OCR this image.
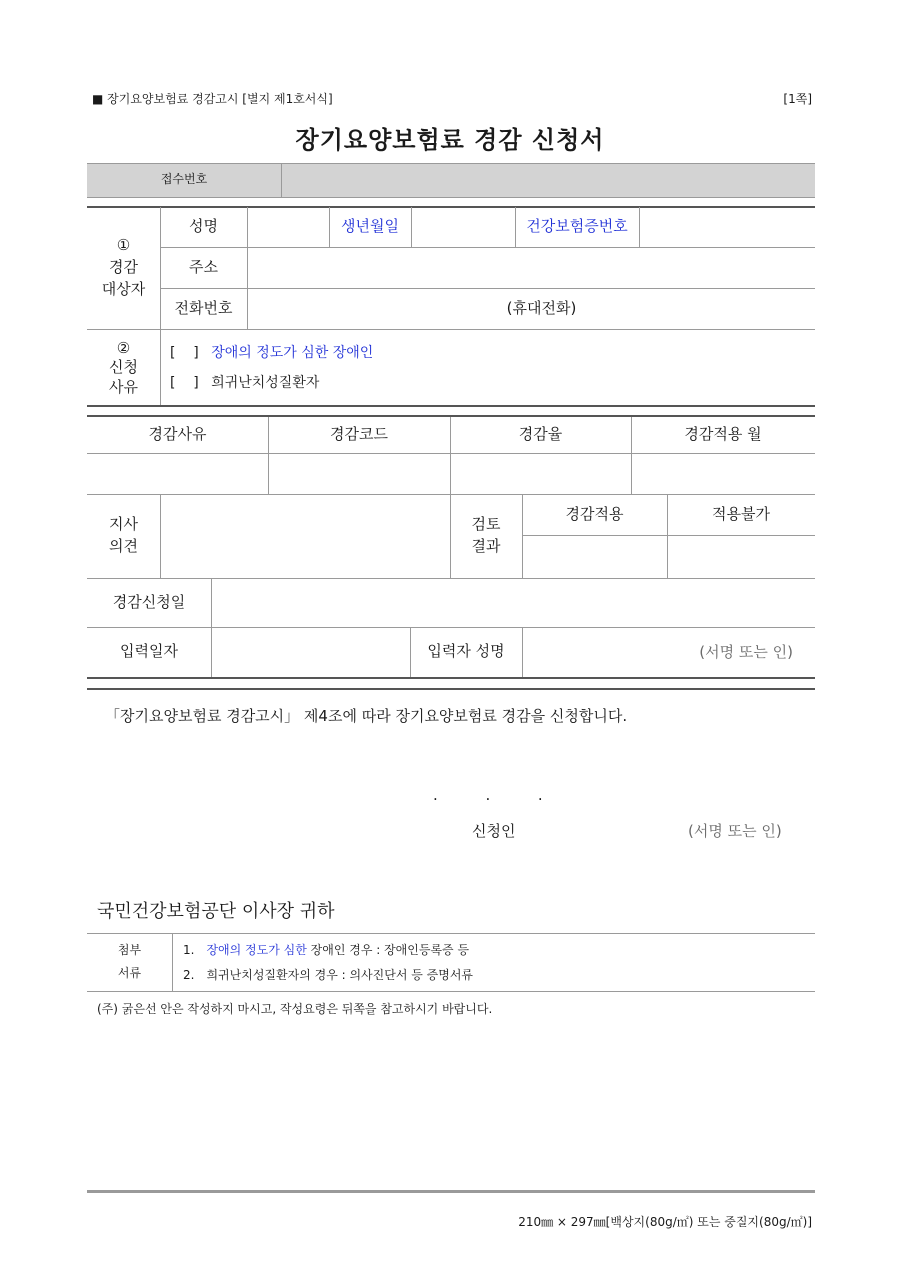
■ 장기요양보험료 경감고시 [별지 제1호서식]	[1쪽]
장기요양보험료 경감 신청서
접수번호
①
경감
대상자
성명	생년월일	건강보험증번호
주소
전화번호	(휴대전화)
②
신청
사유
[    ] 장애의 정도가 심한 장애인
[    ] 희귀난치성질환자
경감사유	경감코드	경감율	경감적용 월
지사
의견
검토
결과
경감적용	적용불가
경감신청일
입력일자	입력자 성명	(서명 또는 인)
「장기요양보험료 경감고시」 제4조에 따라 장기요양보험료 경감을 신청합니다.
.          .          .
신청인	(서명 또는 인)
국민건강보험공단 이사장 귀하
첨부
서류
1. 장애의 정도가 심한 장애인 경우 : 장애인등록증 등
2. 희귀난치성질환자의 경우 : 의사진단서 등 증명서류
(주) 굵은선 안은 작성하지 마시고, 작성요령은 뒤쪽을 참고하시기 바랍니다.
210㎜ × 297㎜[백상지(80g/㎡) 또는 중질지(80g/㎡)]
